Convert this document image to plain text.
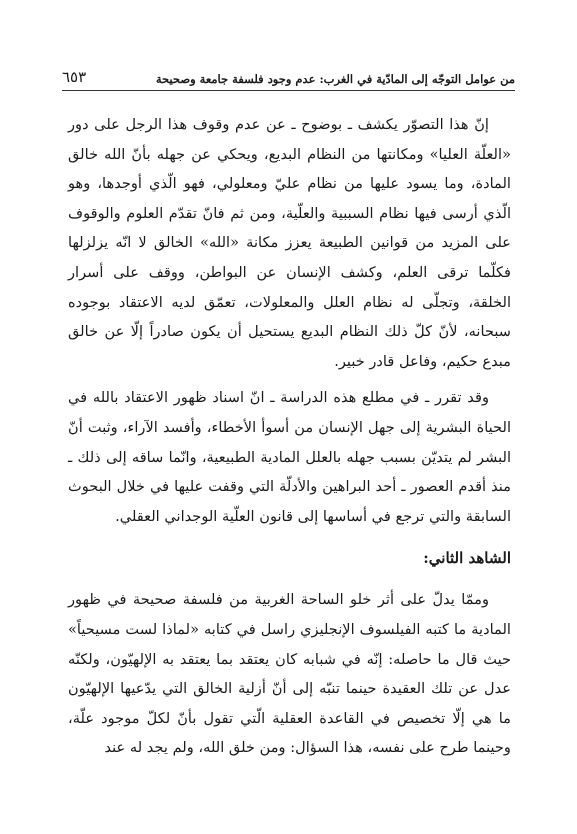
من عوامل التوجّه إلى المادّية في الغرب: عدم وجود فلسفة جامعة وصحيحة
٦٥٣

إنّ هذا التصوّر يكشف ـ بوضوح ـ عن عدم وقوف هذا الرجل على دور «العلّة العليا» ومكانتها من النظام البديع، ويحكي عن جهله بأنّ الله خالق المادة، وما يسود عليها من نظام عليّ ومعلولي، فهو الّذي أوجدها، وهو الّذي أرسى فيها نظام السببية والعلّية، ومن ثم فانّ تقدّم العلوم والوقوف على المزيد من قوانين الطبيعة يعزز مكانة «الله» الخالق لا انّه يزلزلها فكلّما ترقى العلم، وكشف الإنسان عن البواطن، ووقف على أسرار الخلقة، وتجلّى له نظام العلل والمعلولات، تعمّق لديه الاعتقاد بوجوده سبحانه، لأنّ كلّ ذلك النظام البديع يستحيل أن يكون صادراً إلّا عن خالق مبدع حكيم، وفاعل قادر خبير.

وقد تقرر ـ في مطلع هذه الدراسة ـ انّ اسناد ظهور الاعتقاد بالله في الحياة البشرية إلى جهل الإنسان من أسوأ الأخطاء، وأفسد الآراء، وثبت أنّ البشر لم يتديّن بسبب جهله بالعلل المادية الطبيعية، وانّما ساقه إلى ذلك ـ منذ أقدم العصور ـ أحد البراهين والأدلّة التي وقفت عليها في خلال البحوث السابقة والتي ترجع في أساسها إلى قانون العلّية الوجداني العقلي.

الشاهد الثاني:

وممّا يدلّ على أثر خلو الساحة الغربية من فلسفة صحيحة في ظهور المادية ما كتبه الفيلسوف الإنجليزي راسل في كتابه «لماذا لست مسيحياً» حيث قال ما حاصله: إنّه في شبابه كان يعتقد بما يعتقد به الإلهيّون، ولكنّه عدل عن تلك العقيدة حينما تنبّه إلى أنّ أزلية الخالق التي يدّعيها الإلهيّون ما هي إلّا تخصيص في القاعدة العقلية الّتي تقول بأنّ لكلّ موجود علّة، وحينما طرح على نفسه، هذا السؤال: ومن خلق الله، ولم يجد له عند
